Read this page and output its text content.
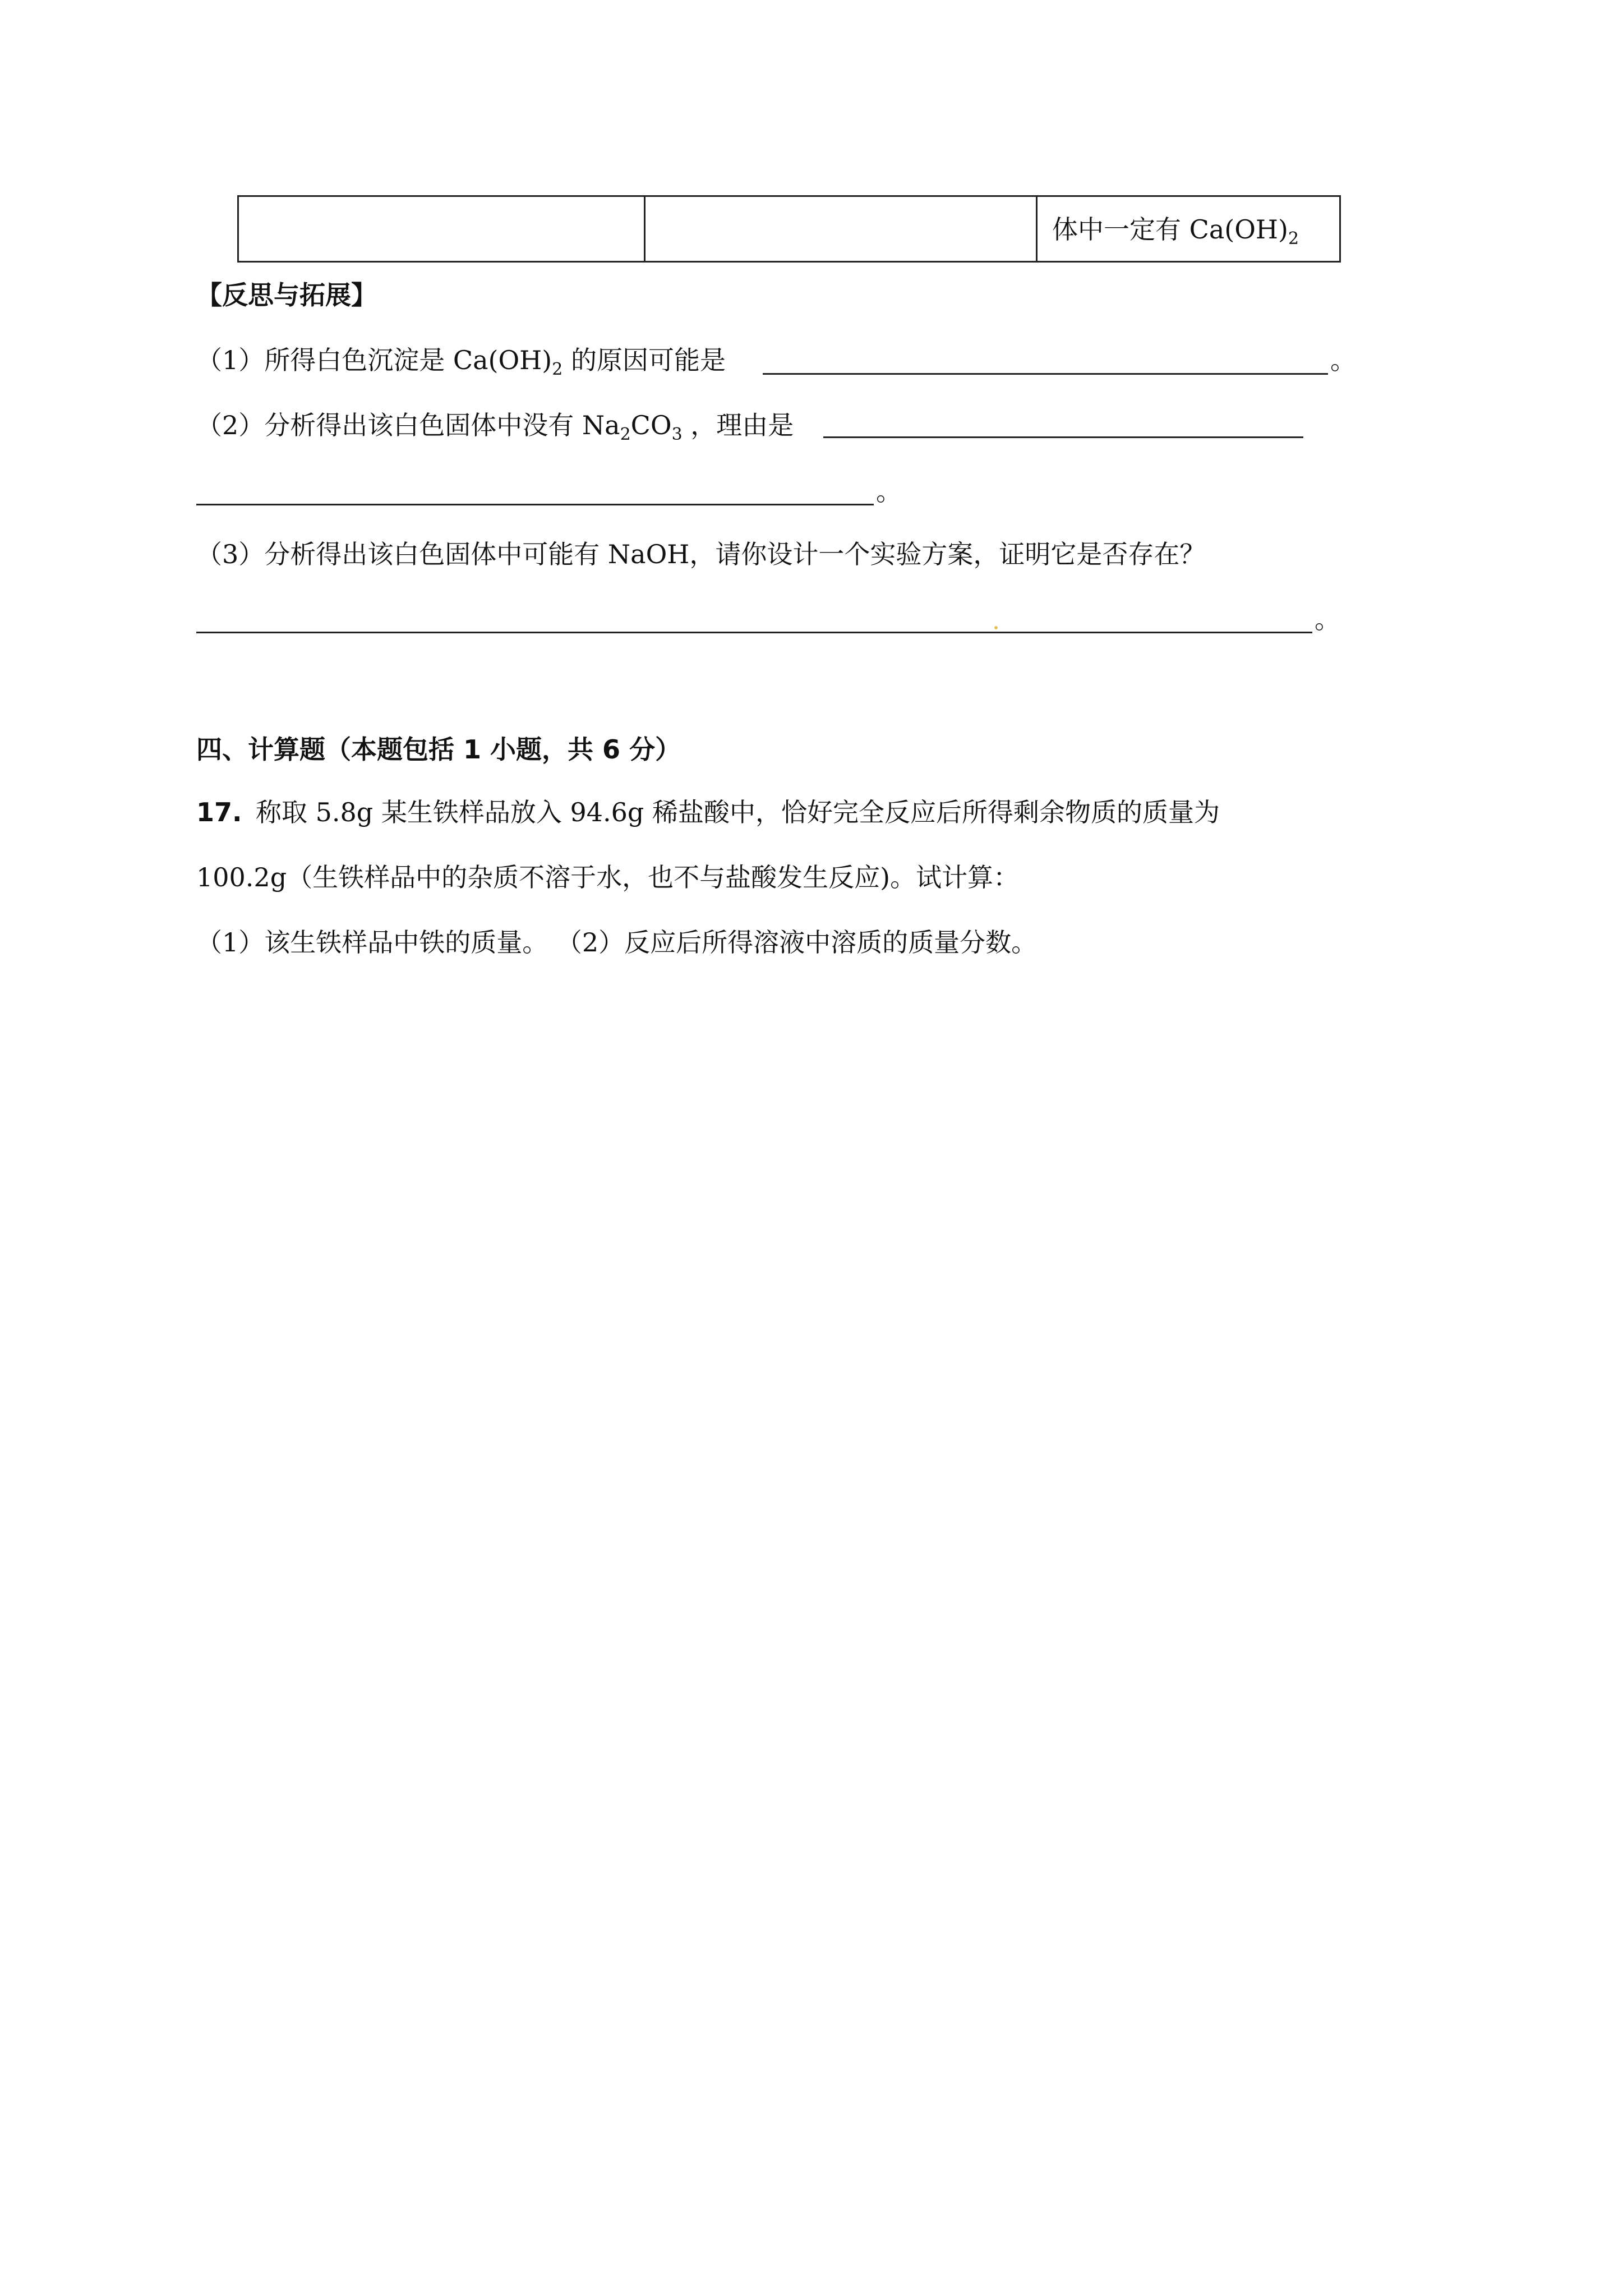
		体中一定有 $Ca(OH)_2$
【反思与拓展】
（1）所得白色沉淀是 $Ca(OH)_2$ 的原因可能是	。
（2）分析得出该白色固体中没有 $Na_2CO_3$ ，理由是
。
（3）分析得出该白色固体中可能有 NaOH，请你设计一个实验方案，证明它是否存在？
。
四、计算题（本题包括 1 小题，共 6 分）
17. 称取 5.8g 某生铁样品放入 94.6g 稀盐酸中，恰好完全反应后所得剩余物质的质量为
100.2g（生铁样品中的杂质不溶于水，也不与盐酸发生反应)。试计算：
（1）该生铁样品中铁的质量。 （2）反应后所得溶液中溶质的质量分数。
